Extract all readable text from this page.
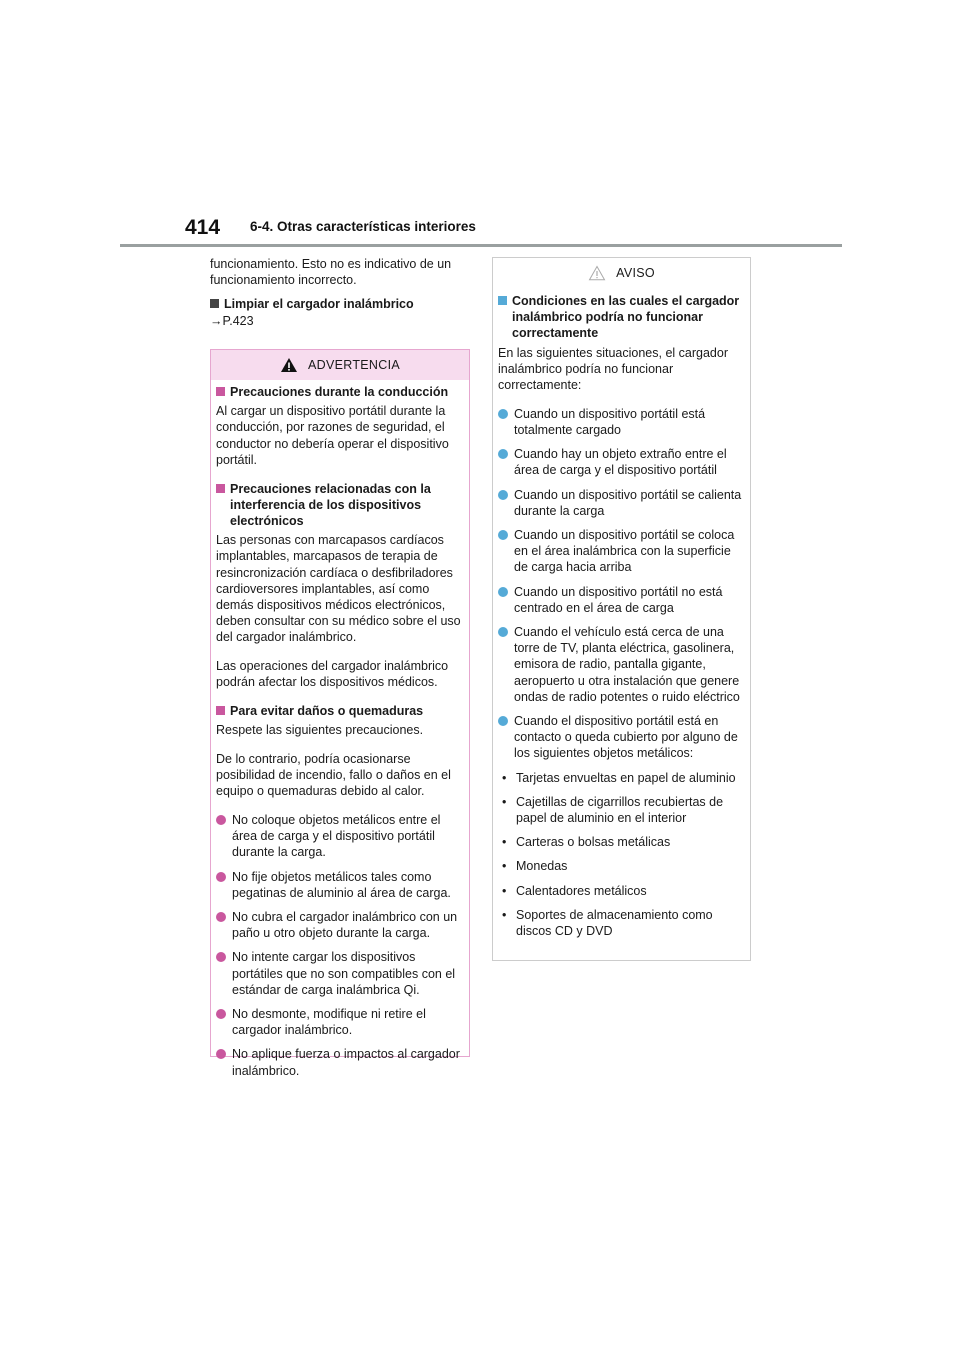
414 6-4. Otras características interiores

funcionamiento. Esto no es indicativo de un funcionamiento incorrecto.

Limpiar el cargador inalámbrico

→P.423

ADVERTENCIA
Precauciones durante la conducción

Al cargar un dispositivo portátil durante la conducción, por razones de seguridad, el conductor no debería operar el dispositivo portátil.

Precauciones relacionadas con la interferencia de los dispositivos electrónicos

Las personas con marcapasos cardíacos implantables, marcapasos de terapia de resincronización cardíaca o desfibriladores cardioversores implantables, así como demás dispositivos médicos electrónicos, deben consultar con su médico sobre el uso del cargador inalámbrico.

Las operaciones del cargador inalámbrico podrán afectar los dispositivos médicos.

Para evitar daños o quemaduras

Respete las siguientes precauciones.

De lo contrario, podría ocasionarse posibilidad de incendio, fallo o daños en el equipo o quemaduras debido al calor.

No coloque objetos metálicos entre el área de carga y el dispositivo portátil durante la carga.
No fije objetos metálicos tales como pegatinas de aluminio al área de carga.
No cubra el cargador inalámbrico con un paño u otro objeto durante la carga.
No intente cargar los dispositivos portátiles que no son compatibles con el estándar de carga inalámbrica Qi.
No desmonte, modifique ni retire el cargador inalámbrico.
No aplique fuerza o impactos al cargador inalámbrico.
AVISO
Condiciones en las cuales el cargador inalámbrico podría no funcionar correctamente

En las siguientes situaciones, el cargador inalámbrico podría no funcionar correctamente:

Cuando un dispositivo portátil está totalmente cargado
Cuando hay un objeto extraño entre el área de carga y el dispositivo portátil
Cuando un dispositivo portátil se calienta durante la carga
Cuando un dispositivo portátil se coloca en el área inalámbrica con la superficie de carga hacia arriba
Cuando un dispositivo portátil no está centrado en el área de carga
Cuando el vehículo está cerca de una torre de TV, planta eléctrica, gasolinera, emisora de radio, pantalla gigante, aeropuerto u otra instalación que genere ondas de radio potentes o ruido eléctrico
Cuando el dispositivo portátil está en contacto o queda cubierto por alguno de los siguientes objetos metálicos:
• Tarjetas envueltas en papel de aluminio
• Cajetillas de cigarrillos recubiertas de papel de aluminio en el interior
• Carteras o bolsas metálicas
• Monedas
• Calentadores metálicos
• Soportes de almacenamiento como discos CD y DVD
